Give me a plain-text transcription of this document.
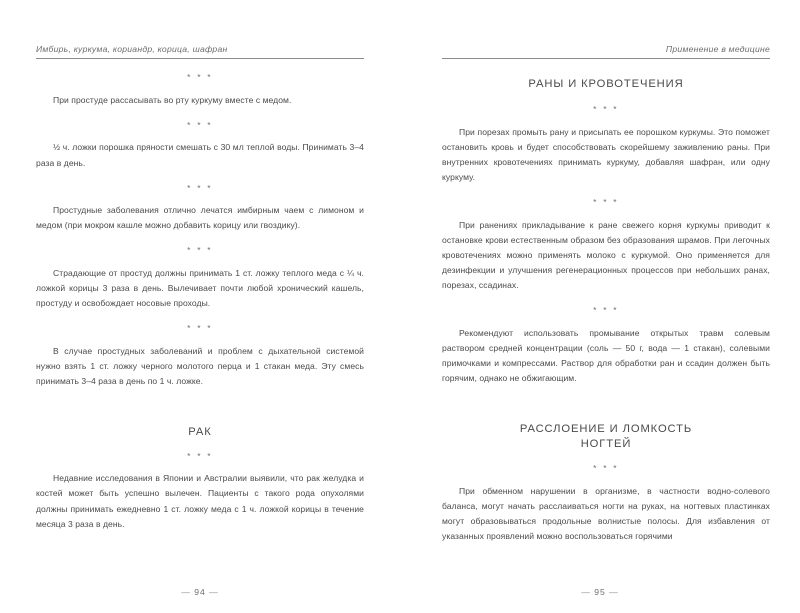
Имбирь, куркума, кориандр, корица, шафран
* * *

При простуде рассасывать во рту куркуму вместе с медом.

* * *

½ ч. ложки порошка пряности смешать с 30 мл теплой воды. Принимать 3–4 раза в день.

* * *

Простудные заболевания отлично лечатся имбирным чаем с лимоном и медом (при мокром кашле можно добавить корицу или гвоздику).

* * *

Страдающие от простуд должны принимать 1 ст. ложку теплого меда с ¼ ч. ложкой корицы 3 раза в день. Вылечивает почти любой хронический кашель, простуду и освобождает носовые проходы.

* * *

В случае простудных заболеваний и проблем с дыхательной системой нужно взять 1 ст. ложку черного молотого перца и 1 стакан меда. Эту смесь принимать 3–4 раза в день по 1 ч. ложке.

РАК
* * *

Недавние исследования в Японии и Австралии выявили, что рак желудка и костей может быть успешно вылечен. Пациенты с такого рода опухолями должны принимать ежедневно 1 ст. ложку меда с 1 ч. ложкой корицы в течение месяца 3 раза в день.

— 94 —
Применение в медицине
РАНЫ И КРОВОТЕЧЕНИЯ
* * *

При порезах промыть рану и присыпать ее порошком куркумы. Это поможет остановить кровь и будет способствовать скорейшему заживлению раны. При внутренних кровотечениях принимать куркуму, добавляя шафран, или одну куркуму.

* * *

При ранениях прикладывание к ране свежего корня куркумы приводит к остановке крови естественным образом без образования шрамов. При легочных кровотечениях можно применять молоко с куркумой. Оно применяется для дезинфекции и улучшения регенерационных процессов при небольших ранах, порезах, ссадинах.

* * *

Рекомендуют использовать промывание открытых травм солевым раствором средней концентрации (соль — 50 г, вода — 1 стакан), солевыми примочками и компрессами. Раствор для обработки ран и ссадин должен быть горячим, однако не обжигающим.

РАССЛОЕНИЕ И ЛОМКОСТЬ
НОГТЕЙ
* * *

При обменном нарушении в организме, в частности водно-солевого баланса, могут начать расслаиваться ногти на руках, на ногтевых пластинках могут образовываться продольные волнистые полосы. Для избавления от указанных проявлений можно воспользоваться горячими

— 95 —
